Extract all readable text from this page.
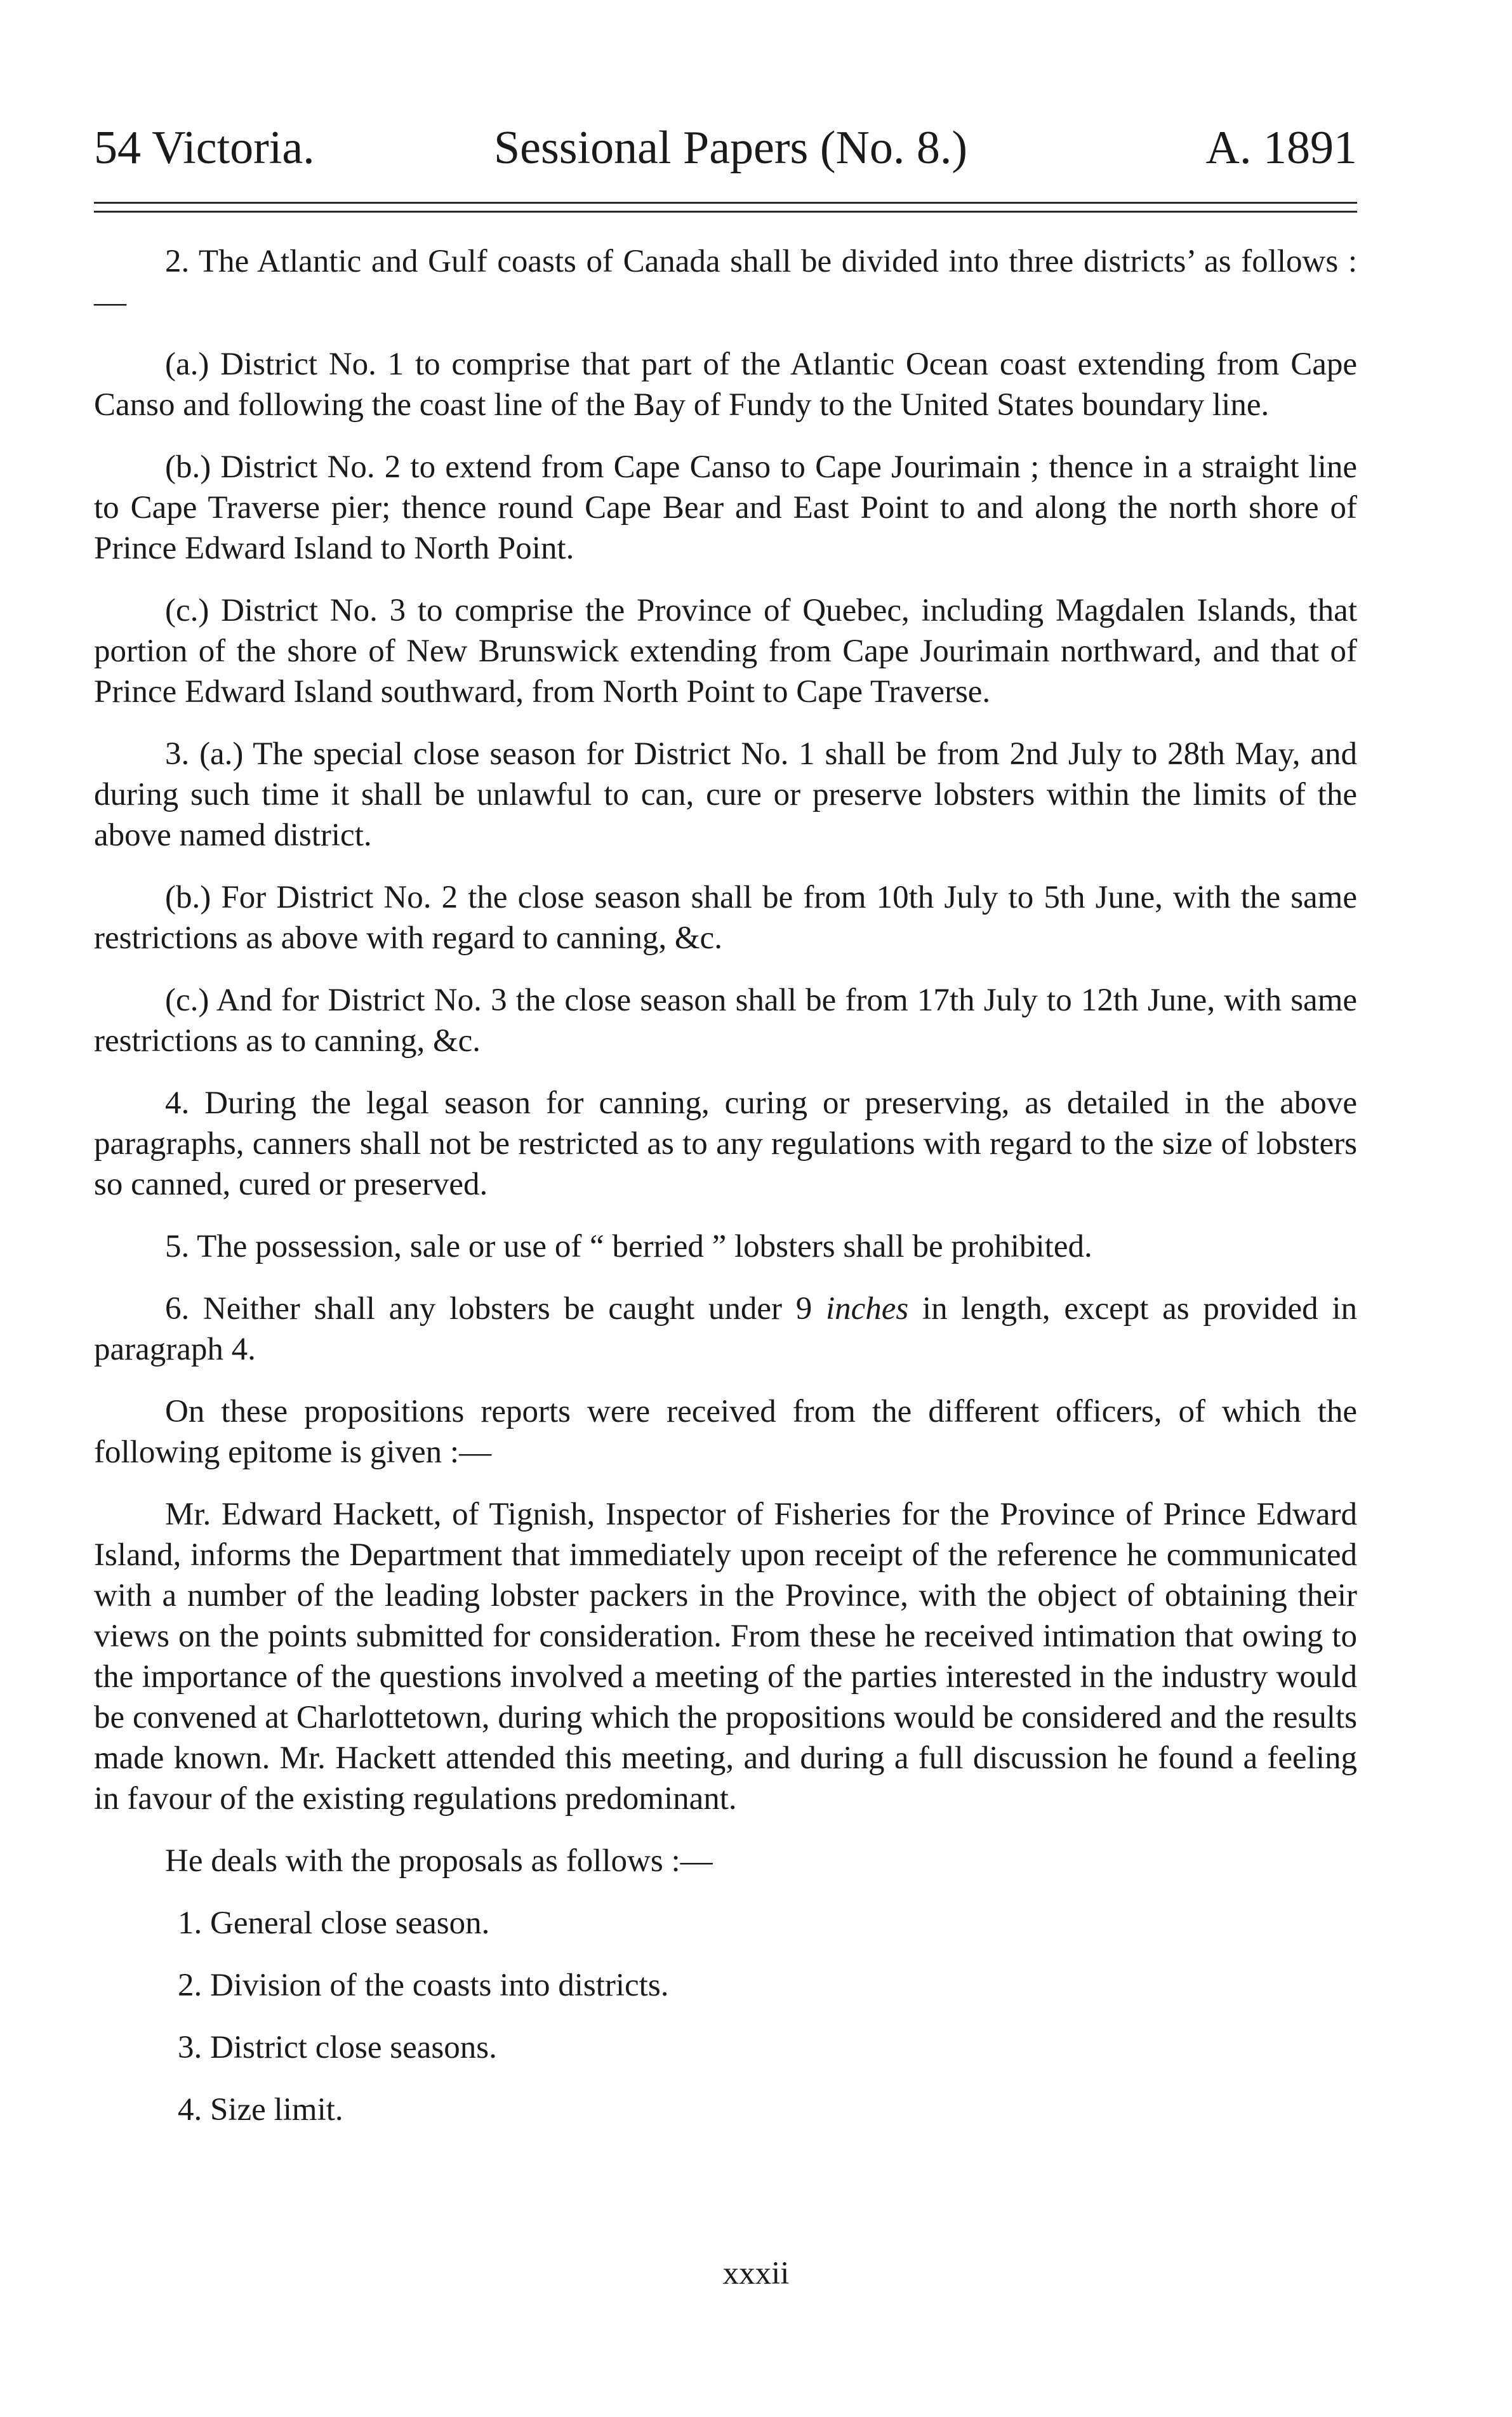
54 Victoria.	Sessional Papers (No. 8.)	A. 1891

2. The Atlantic and Gulf coasts of Canada shall be divided into three districts’ as follows :—

(a.) District No. 1 to comprise that part of the Atlantic Ocean coast extending from Cape Canso and following the coast line of the Bay of Fundy to the United States boundary line.

(b.) District No. 2 to extend from Cape Canso to Cape Jourimain ; thence in a straight line to Cape Traverse pier; thence round Cape Bear and East Point to and along the north shore of Prince Edward Island to North Point.

(c.) District No. 3 to comprise the Province of Quebec, including Magdalen Islands, that portion of the shore of New Brunswick extending from Cape Jourimain northward, and that of Prince Edward Island southward, from North Point to Cape Traverse.

3. (a.) The special close season for District No. 1 shall be from 2nd July to 28th May, and during such time it shall be unlawful to can, cure or preserve lobsters within the limits of the above named district.

(b.) For District No. 2 the close season shall be from 10th July to 5th June, with the same restrictions as above with regard to canning, &c.

(c.) And for District No. 3 the close season shall be from 17th July to 12th June, with same restrictions as to canning, &c.

4. During the legal season for canning, curing or preserving, as detailed in the above paragraphs, canners shall not be restricted as to any regulations with regard to the size of lobsters so canned, cured or preserved.

5. The possession, sale or use of “ berried ” lobsters shall be prohibited.

6. Neither shall any lobsters be caught under 9 inches in length, except as provided in paragraph 4.

On these propositions reports were received from the different officers, of which the following epitome is given :—

Mr. Edward Hackett, of Tignish, Inspector of Fisheries for the Province of Prince Edward Island, informs the Department that immediately upon receipt of the reference he communicated with a number of the leading lobster packers in the Province, with the object of obtaining their views on the points submitted for consideration. From these he received intimation that owing to the importance of the questions involved a meeting of the parties interested in the industry would be convened at Charlottetown, during which the propositions would be considered and the results made known. Mr. Hackett attended this meeting, and during a full discussion he found a feeling in favour of the existing regulations predominant.

He deals with the proposals as follows :—

1. General close season.

2. Division of the coasts into districts.

3. District close seasons.

4. Size limit.

xxxii
